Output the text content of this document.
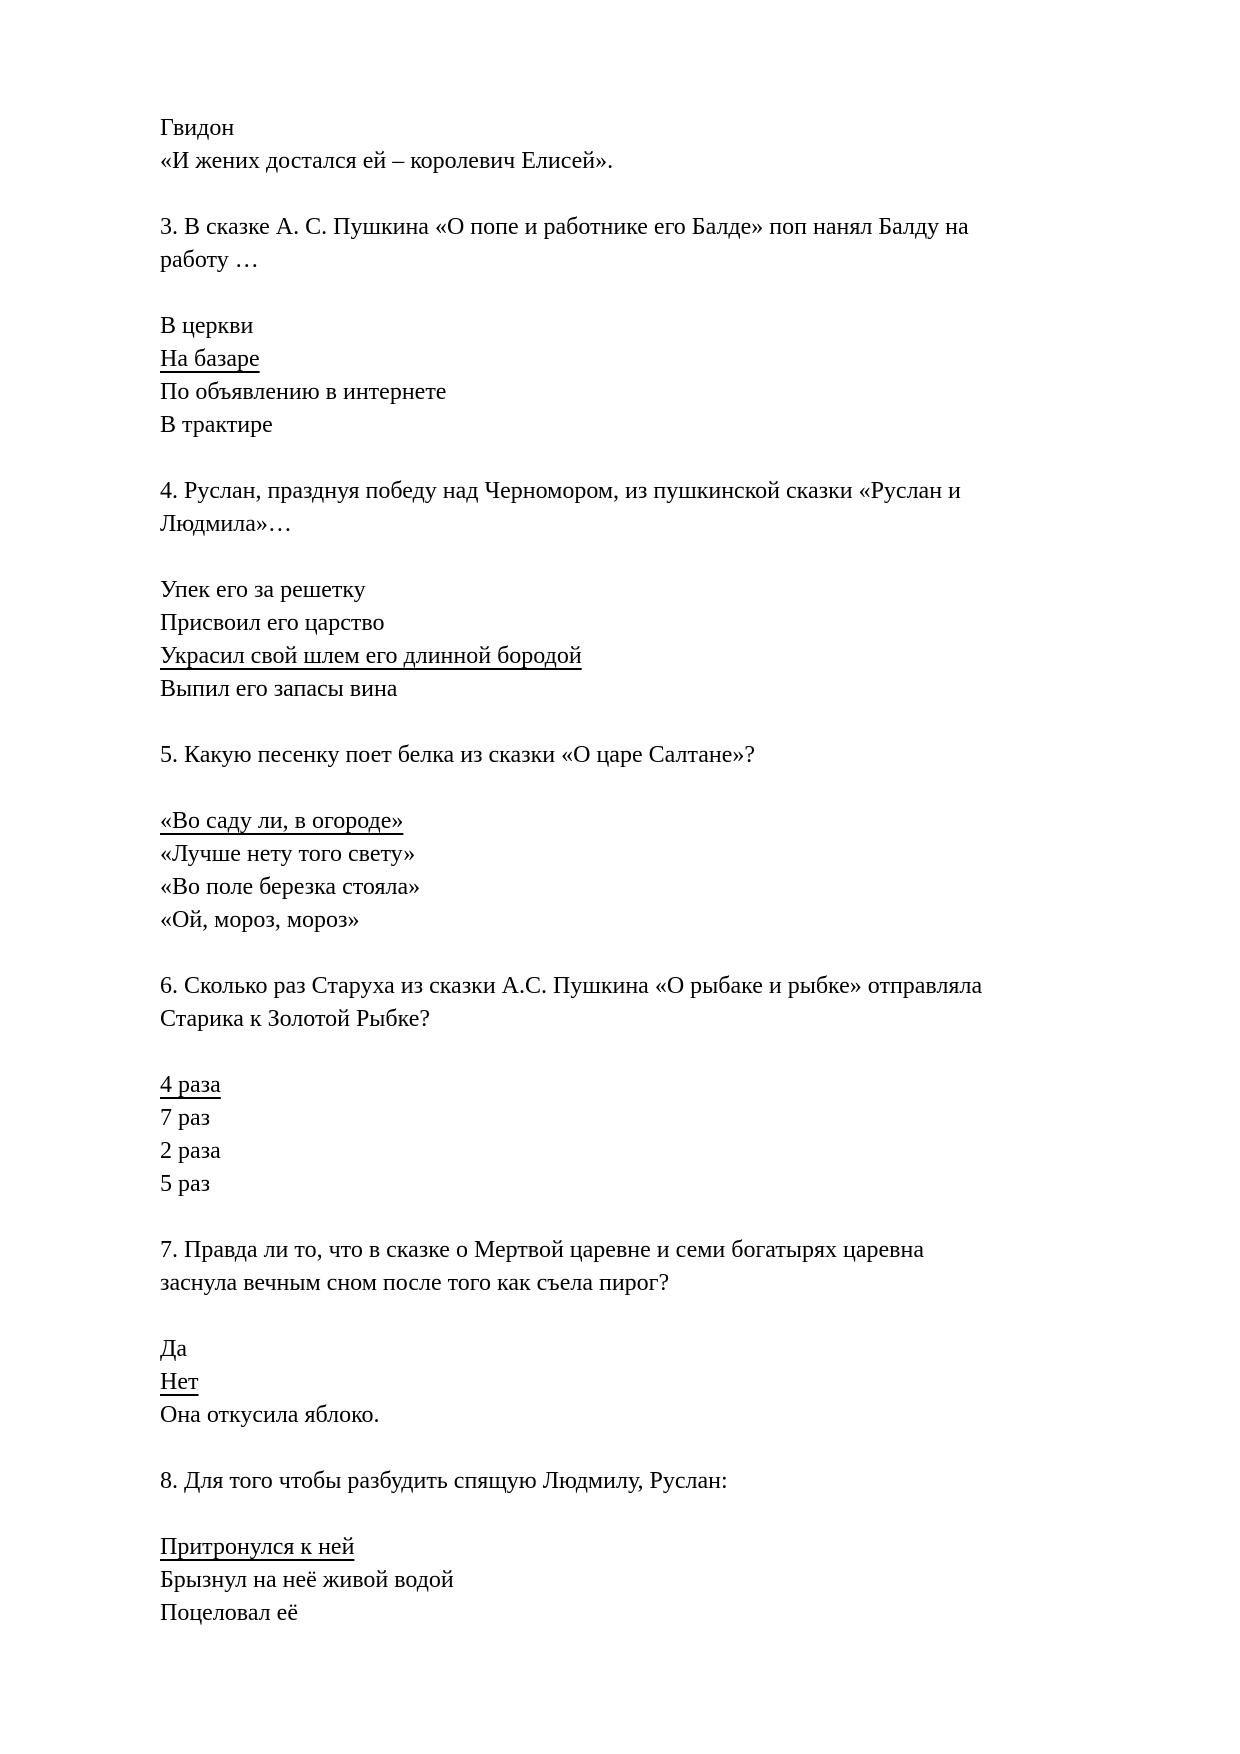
Гвидон
«И жених достался ей – королевич Елисей».
3. В сказке А. С. Пушкина «О попе и работнике его Балде» поп нанял Балду на
работу …
В церкви
На базаре
По объявлению в интернете
В трактире
4. Руслан, празднуя победу над Черномором, из пушкинской сказки «Руслан и
Людмила»…
Упек его за решетку
Присвоил его царство
Украсил свой шлем его длинной бородой
Выпил его запасы вина
5. Какую песенку поет белка из сказки «О царе Салтане»?
«Во саду ли, в огороде»
«Лучше нету того свету»
«Во поле березка стояла»
«Ой, мороз, мороз»
6. Сколько раз Старуха из сказки А.С. Пушкина «О рыбаке и рыбке» отправляла
Старика к Золотой Рыбке?
4 раза
7 раз
2 раза
5 раз
7. Правда ли то, что в сказке о Мертвой царевне и семи богатырях царевна
заснула вечным сном после того как съела пирог?
Да
Нет
Она откусила яблоко.
8. Для того чтобы разбудить спящую Людмилу, Руслан:
Притронулся к ней
Брызнул на неё живой водой
Поцеловал её
